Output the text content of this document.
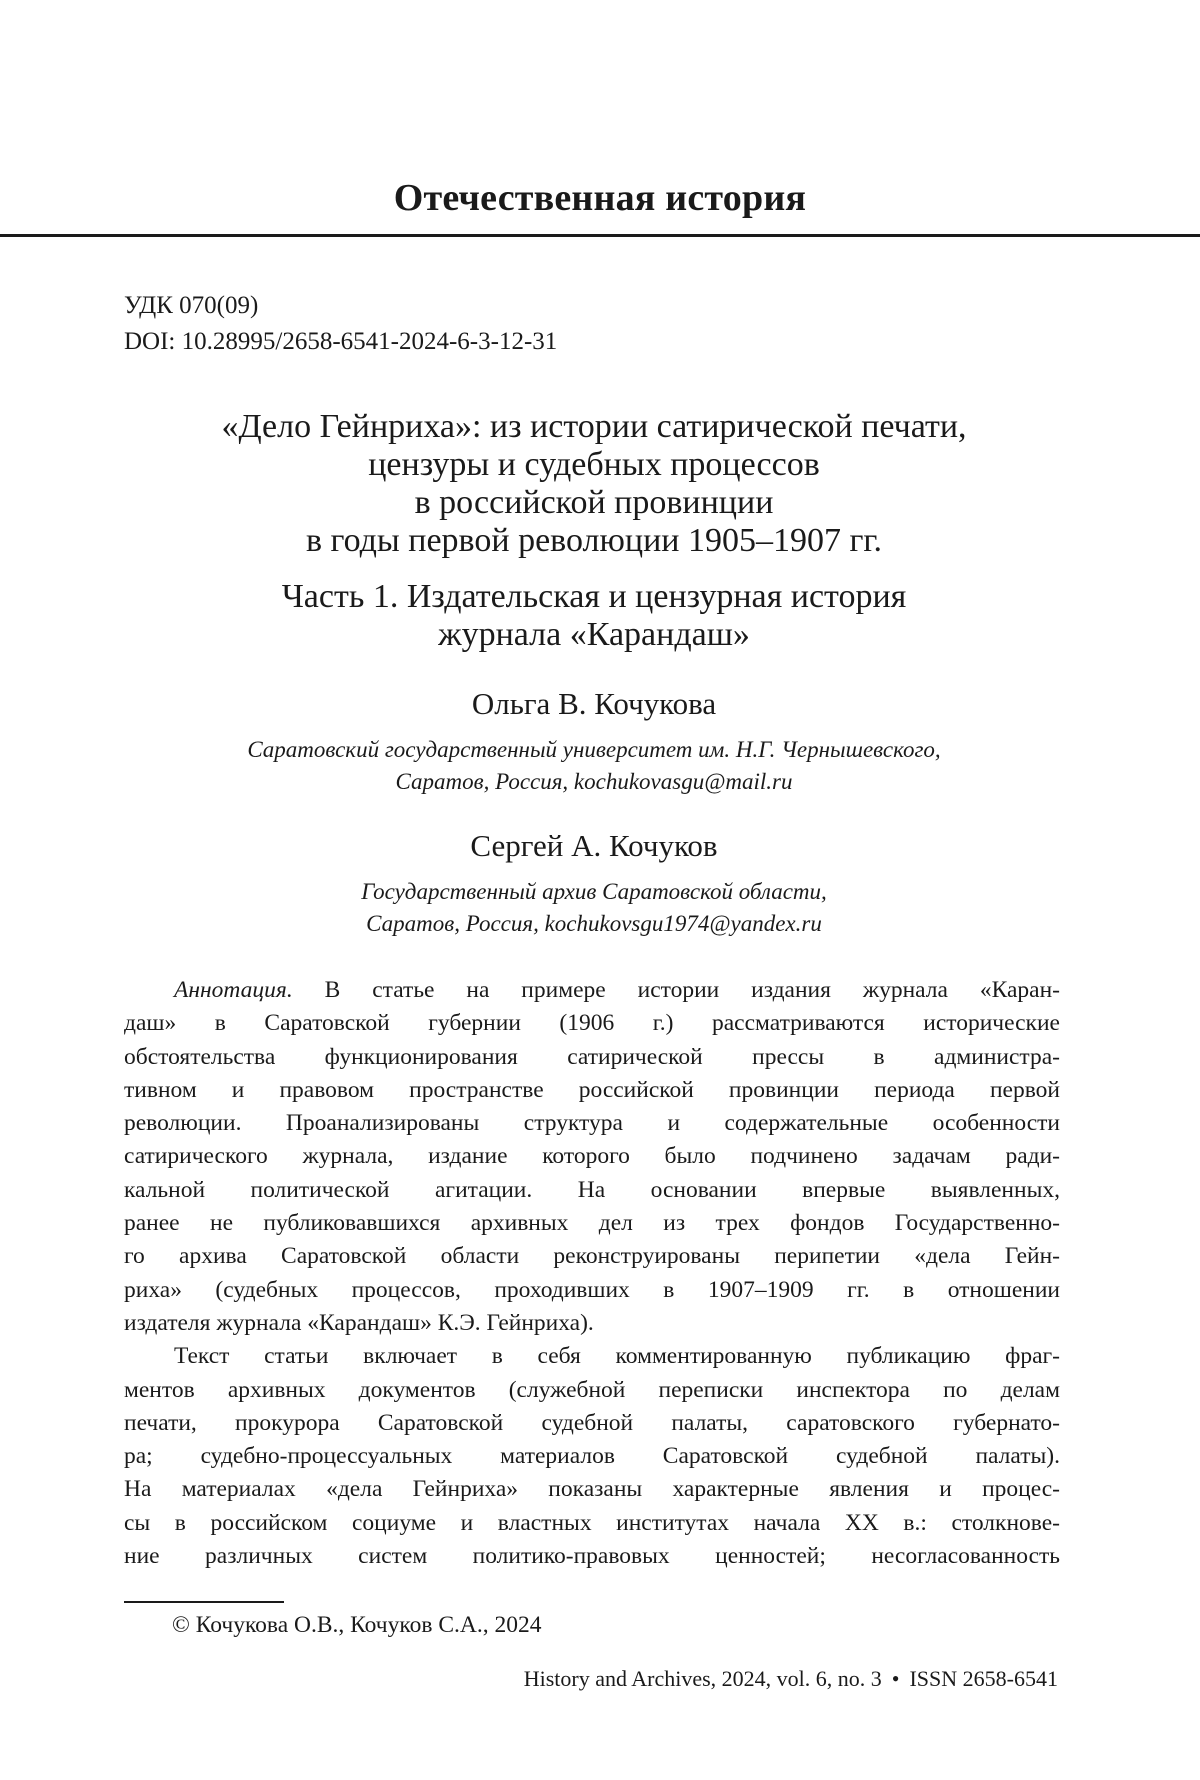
Отечественная история
УДК 070(09)
DOI: 10.28995/2658-6541-2024-6-3-12-31
«Дело Гейнриха»: из истории сатирической печати,
цензуры и судебных процессов
в российской провинции
в годы первой революции 1905–1907 гг.
Часть 1. Издательская и цензурная история
журнала «Карандаш»
Ольга В. Кочукова
Саратовский государственный университет им. Н.Г. Чернышевского,
Саратов, Россия, kochukovasgu@mail.ru
Сергей А. Кочуков
Государственный архив Саратовской области,
Саратов, Россия, kochukovsgu1974@yandex.ru
Аннотация. В статье на примере истории издания журнала «Каран-
даш» в Саратовской губернии (1906 г.) рассматриваются исторические
обстоятельства функционирования сатирической прессы в администра-
тивном и правовом пространстве российской провинции периода первой
революции. Проанализированы структура и содержательные особенности
сатирического журнала, издание которого было подчинено задачам ради-
кальной политической агитации. На основании впервые выявленных,
ранее не публиковавшихся архивных дел из трех фондов Государственно-
го архива Саратовской области реконструированы перипетии «дела Гейн-
риха» (судебных процессов, проходивших в 1907–1909 гг. в отношении
издателя журнала «Карандаш» К.Э. Гейнриха).
Текст статьи включает в себя комментированную публикацию фраг-
ментов архивных документов (служебной переписки инспектора по делам
печати, прокурора Саратовской судебной палаты, саратовского губернато-
ра; судебно-процессуальных материалов Саратовской судебной палаты).
На материалах «дела Гейнриха» показаны характерные явления и процес-
сы в российском социуме и властных институтах начала XX в.: столкнове-
ние различных систем политико-правовых ценностей; несогласованность
© Кочукова О.В., Кочуков С.А., 2024
History and Archives, 2024, vol. 6, no. 3 • ISSN 2658-6541
